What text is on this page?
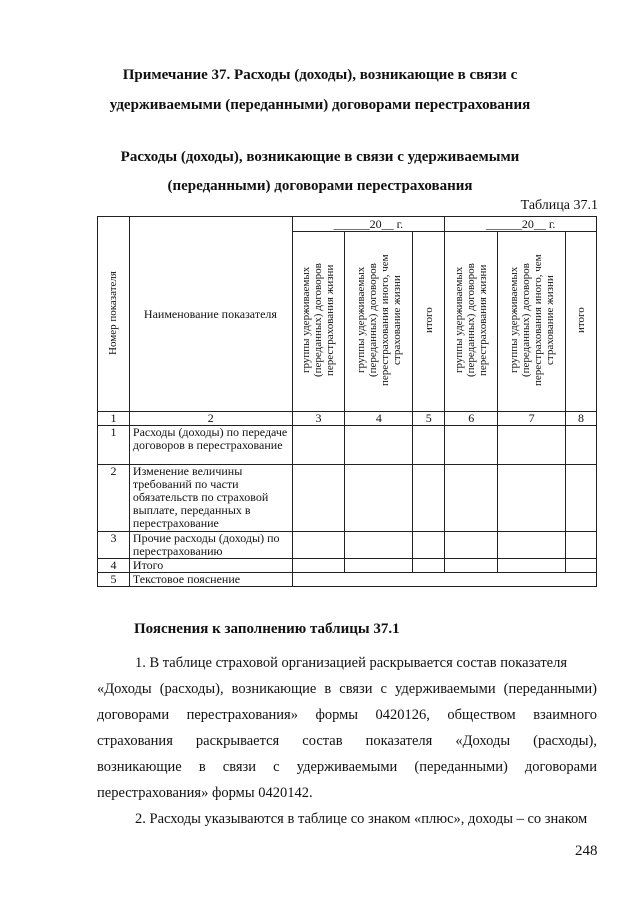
Примечание 37. Расходы (доходы), возникающие в связи с
удерживаемыми (переданными) договорами перестрахования
Расходы (доходы), возникающие в связи с удерживаемыми
(переданными) договорами перестрахования
Таблица 37.1
Номер показателя	Наименование показателя	______20__ г.			______20__ г.		
		группы удерживаемых (переданных) договоров перестрахования жизни	группы удерживаемых (переданных) договоров перестрахования иного, чем страхование жизни	итого	группы удерживаемых (переданных) договоров перестрахования жизни	группы удерживаемых (переданных) договоров перестрахования иного, чем страхование жизни	итого
1	2	3	4	5	6	7	8
1	Расходы (доходы) по передаче договоров в перестрахование						
2	Изменение величины требований по части обязательств по страховой выплате, переданных в перестрахование						
3	Прочие расходы (доходы) по перестрахованию						
4	Итого						
5	Текстовое пояснение						
Пояснения к заполнению таблицы 37.1
1. В таблице страховой организацией раскрывается состав показателя
«Доходы (расходы), возникающие в связи с удерживаемыми (переданными)
договорами перестрахования» формы 0420126, обществом взаимного
страхования раскрывается состав показателя «Доходы (расходы),
возникающие в связи с удерживаемыми (переданными) договорами
перестрахования» формы 0420142.
2. Расходы указываются в таблице со знаком «плюс», доходы – со знаком
248
